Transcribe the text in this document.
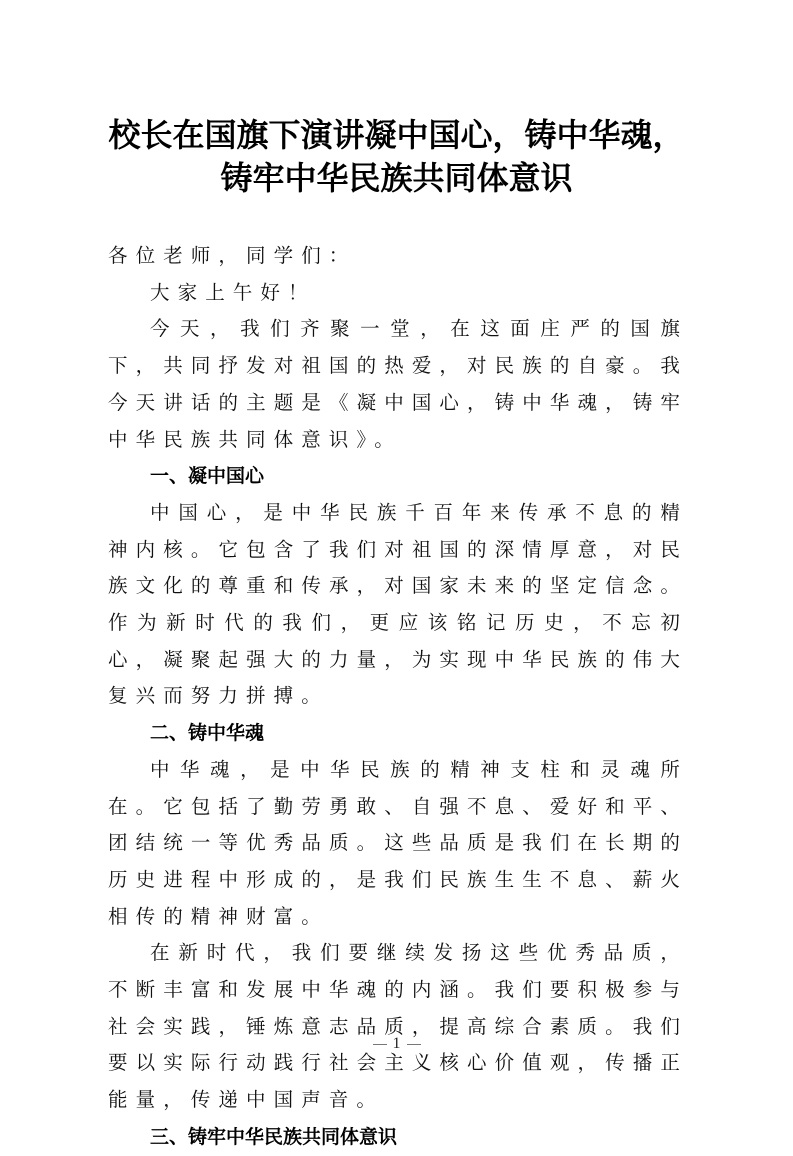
校长在国旗下演讲凝中国心，铸中华魂，
铸牢中华民族共同体意识

各位老师，同学们：

大家上午好！

今天，我们齐聚一堂，在这面庄严的国旗下，共同抒发对祖国的热爱，对民族的自豪。我今天讲话的主题是《凝中国心，铸中华魂，铸牢中华民族共同体意识》。

一、凝中国心

中国心，是中华民族千百年来传承不息的精神内核。它包含了我们对祖国的深情厚意，对民族文化的尊重和传承，对国家未来的坚定信念。作为新时代的我们，更应该铭记历史，不忘初心，凝聚起强大的力量，为实现中华民族的伟大复兴而努力拼搏。

二、铸中华魂

中华魂，是中华民族的精神支柱和灵魂所在。它包括了勤劳勇敢、自强不息、爱好和平、团结统一等优秀品质。这些品质是我们在长期的历史进程中形成的，是我们民族生生不息、薪火相传的精神财富。

在新时代，我们要继续发扬这些优秀品质，不断丰富和发展中华魂的内涵。我们要积极参与社会实践，锤炼意志品质，提高综合素质。我们要以实际行动践行社会主义核心价值观，传播正能量，传递中国声音。

三、铸牢中华民族共同体意识

1
